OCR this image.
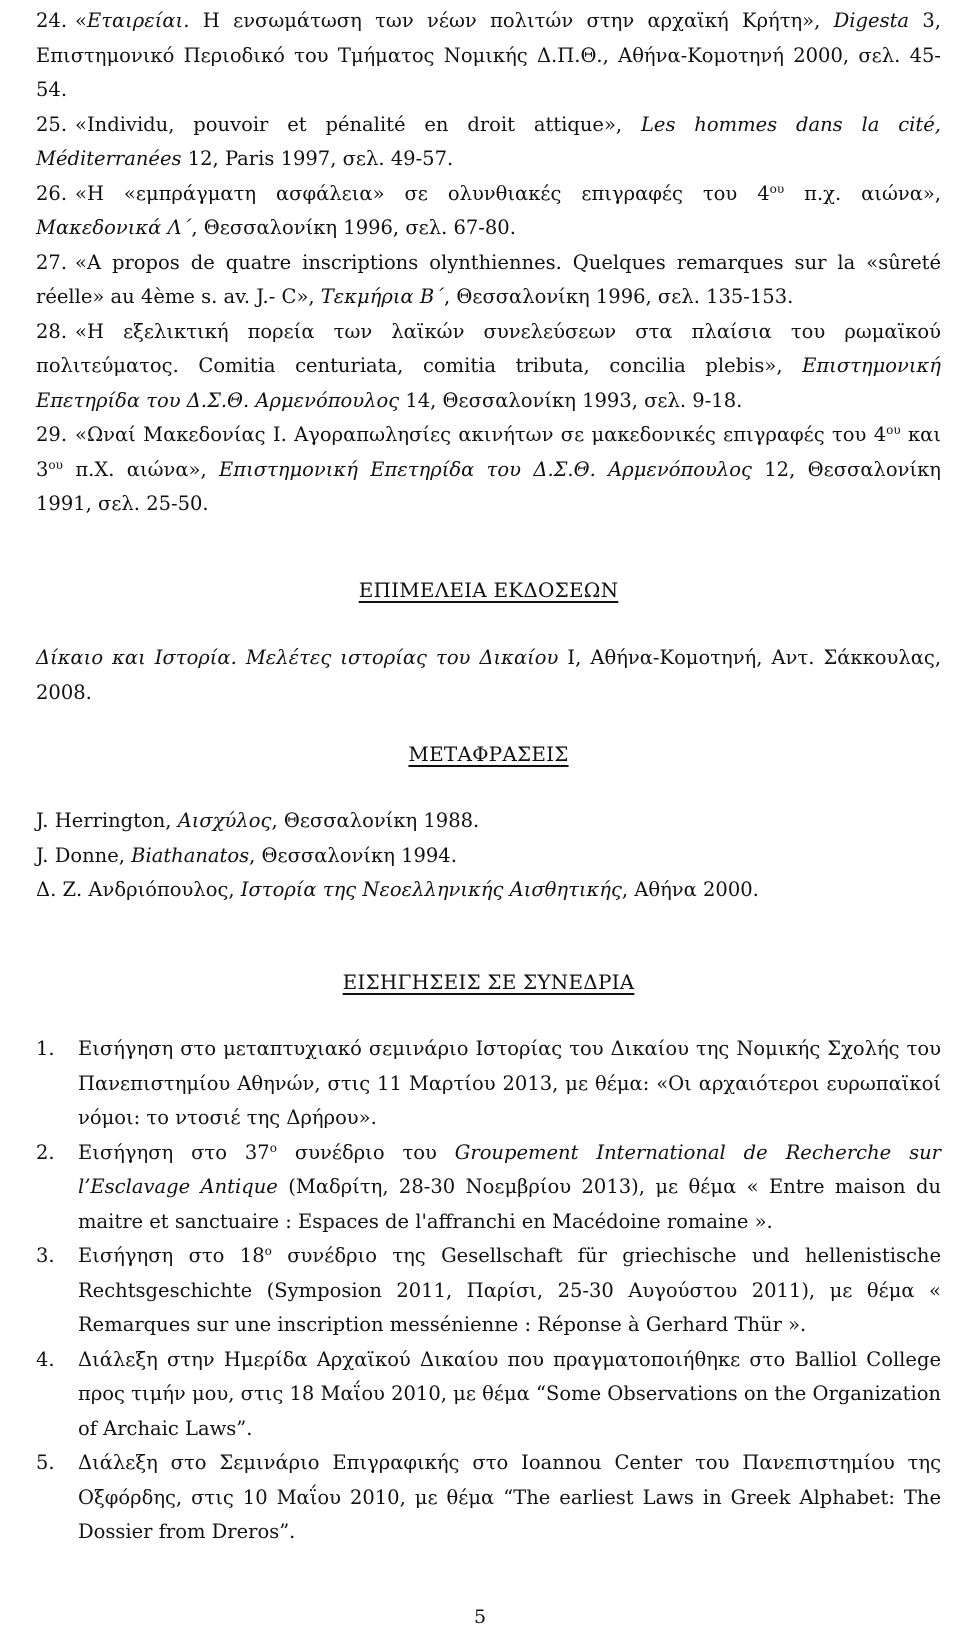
24. «Εταιρείαι. Η ενσωμάτωση των νέων πολιτών στην αρχαϊκή Κρήτη», Digesta 3, Επιστημονικό Περιοδικό του Τμήματος Νομικής Δ.Π.Θ., Αθήνα-Κομοτηνή 2000, σελ. 45-54.
25. «Individu, pouvoir et pénalité en droit attique», Les hommes dans la cité, Méditerranées 12, Paris 1997, σελ. 49-57.
26. «Η «εμπράγματη ασφάλεια» σε ολυνθιακές επιγραφές του $4^{o\upsilon}$ π.χ. αιώνα», Μακεδονικά Λ΄, Θεσσαλονίκη 1996, σελ. 67-80.
27. «A propos de quatre inscriptions olynthiennes. Quelques remarques sur la «sûreté réelle» au 4ème s. av. J.- C», Τεκμήρια Β΄, Θεσσαλονίκη 1996, σελ. 135-153.
28. «Η εξελικτική πορεία των λαϊκών συνελεύσεων στα πλαίσια του ρωμαϊκού πολιτεύματος. Comitia centuriata, comitia tributa, concilia plebis», Επιστημονική Επετηρίδα του Δ.Σ.Θ. Αρμενόπουλος 14, Θεσσαλονίκη 1993, σελ. 9-18.
29. «Ωναί Μακεδονίας Ι. Αγοραπωλησίες ακινήτων σε μακεδονικές επιγραφές του $4^{o\upsilon}$ και $3^{o\upsilon}$ π.Χ. αιώνα», Επιστημονική Επετηρίδα του Δ.Σ.Θ. Αρμενόπουλος 12, Θεσσαλονίκη 1991, σελ. 25-50.
ΕΠΙΜΕΛΕΙΑ ΕΚΔΟΣΕΩΝ

Δίκαιο και Ιστορία. Μελέτες ιστορίας του Δικαίου Ι, Αθήνα-Κομοτηνή, Αντ. Σάκκουλας, 2008.

ΜΕΤΑΦΡΑΣΕΙΣ

J. Herrington, Αισχύλος, Θεσσαλονίκη 1988.

J. Donne, Biathanatos, Θεσσαλονίκη 1994.

Δ. Ζ. Ανδριόπουλος, Ιστορία της Νεοελληνικής Αισθητικής, Αθήνα 2000.

ΕΙΣΗΓΗΣΕΙΣ ΣΕ ΣΥΝΕΔΡΙΑ
1. Εισήγηση στο μεταπτυχιακό σεμινάριο Ιστορίας του Δικαίου της Νομικής Σχολής του Πανεπιστημίου Αθηνών, στις 11 Μαρτίου 2013, με θέμα: «Οι αρχαιότεροι ευρωπαϊκοί νόμοι: το ντοσιέ της Δρήρου».
2. Εισήγηση στο $37^o$ συνέδριο του Groupement International de Recherche sur l’Esclavage Antique (Μαδρίτη, 28-30 Νοεμβρίου 2013), με θέμα « Entre maison du maitre et sanctuaire : Espaces de l'affranchi en Macédoine romaine ».
3. Εισήγηση στο $18^o$ συνέδριο της Gesellschaft für griechische und hellenistische Rechtsgeschichte (Symposion 2011, Παρίσι, 25-30 Αυγούστου 2011), με θέμα « Remarques sur une inscription messénienne : Réponse à Gerhard Thür ».
4. Διάλεξη στην Ημερίδα Αρχαϊκού Δικαίου που πραγματοποιήθηκε στο Balliol College προς τιμήν μου, στις 18 Μαΐου 2010, με θέμα “Some Observations on the Organization of Archaic Laws”.
5. Διάλεξη στο Σεμινάριο Επιγραφικής στο Ioannou Center του Πανεπιστημίου της Οξφόρδης, στις 10 Μαΐου 2010, με θέμα “The earliest Laws in Greek Alphabet: The Dossier from Dreros”.
5
